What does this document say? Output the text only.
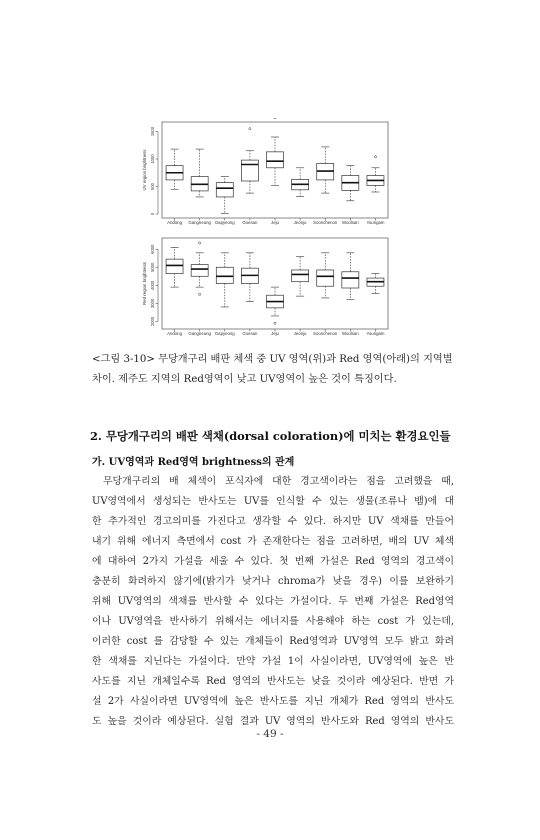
0
500
1000
1500
UV region brightness
Andong Gangneung Gapyeong Goesan	Jeju	Jeonju Soonchenon Woolsan Youngam
2000
3000
4000
5000
6000
Red region brightness
Andong Gangneung Gapyeong Goesan	Jeju	Jeonju Soonchenon Woolsan Youngam

<그림 3-10> 무당개구리 배판 체색 중 UV 영역(위)과 Red 영역(아래)의 지역별 차이. 제주도 지역의 Red영역이 낮고 UV영역이 높은 것이 특징이다.

2. 무당개구리의 배판 색채(dorsal coloration)에 미치는 환경요인들
가. UV영역과 Red영역 brightness의 관계
무당개구리의 배 체색이 포식자에 대한 경고색이라는 점을 고려했을 때,
UV영역에서 생성되는 반사도는 UV를 인식할 수 있는 생물(조류나 뱀)에 대
한 추가적인 경고의미를 가진다고 생각할 수 있다. 하지만 UV 색채를 만들어
내기 위해 에너지 측면에서 cost 가 존재한다는 점을 고려하면, 배의 UV 체색
에 대하여 2가지 가설을 세울 수 있다. 첫 번째 가설은 Red 영역의 경고색이
충분히 화려하지 않기에(밝기가 낮거나 chroma가 낮을 경우) 이를 보완하기
위해 UV영역의 색채를 반사할 수 있다는 가설이다. 두 번째 가설은 Red영역
이나 UV영역을 반사하기 위해서는 에너지를 사용해야 하는 cost 가 있는데,
이러한 cost 를 감당할 수 있는 개체들이 Red영역과 UV영역 모두 밝고 화려
한 색채를 지닌다는 가설이다. 만약 가설 1이 사실이라면, UV영역에 높은 반
사도를 지닌 개체일수록 Red 영역의 반사도는 낮을 것이라 예상된다. 반면 가
설 2가 사실이라면 UV영역에 높은 반사도를 지닌 개체가 Red 영역의 반사도
도 높을 것이라 예상된다. 실험 결과 UV 영역의 반사도와 Red 영역의 반사도

- 49 -
